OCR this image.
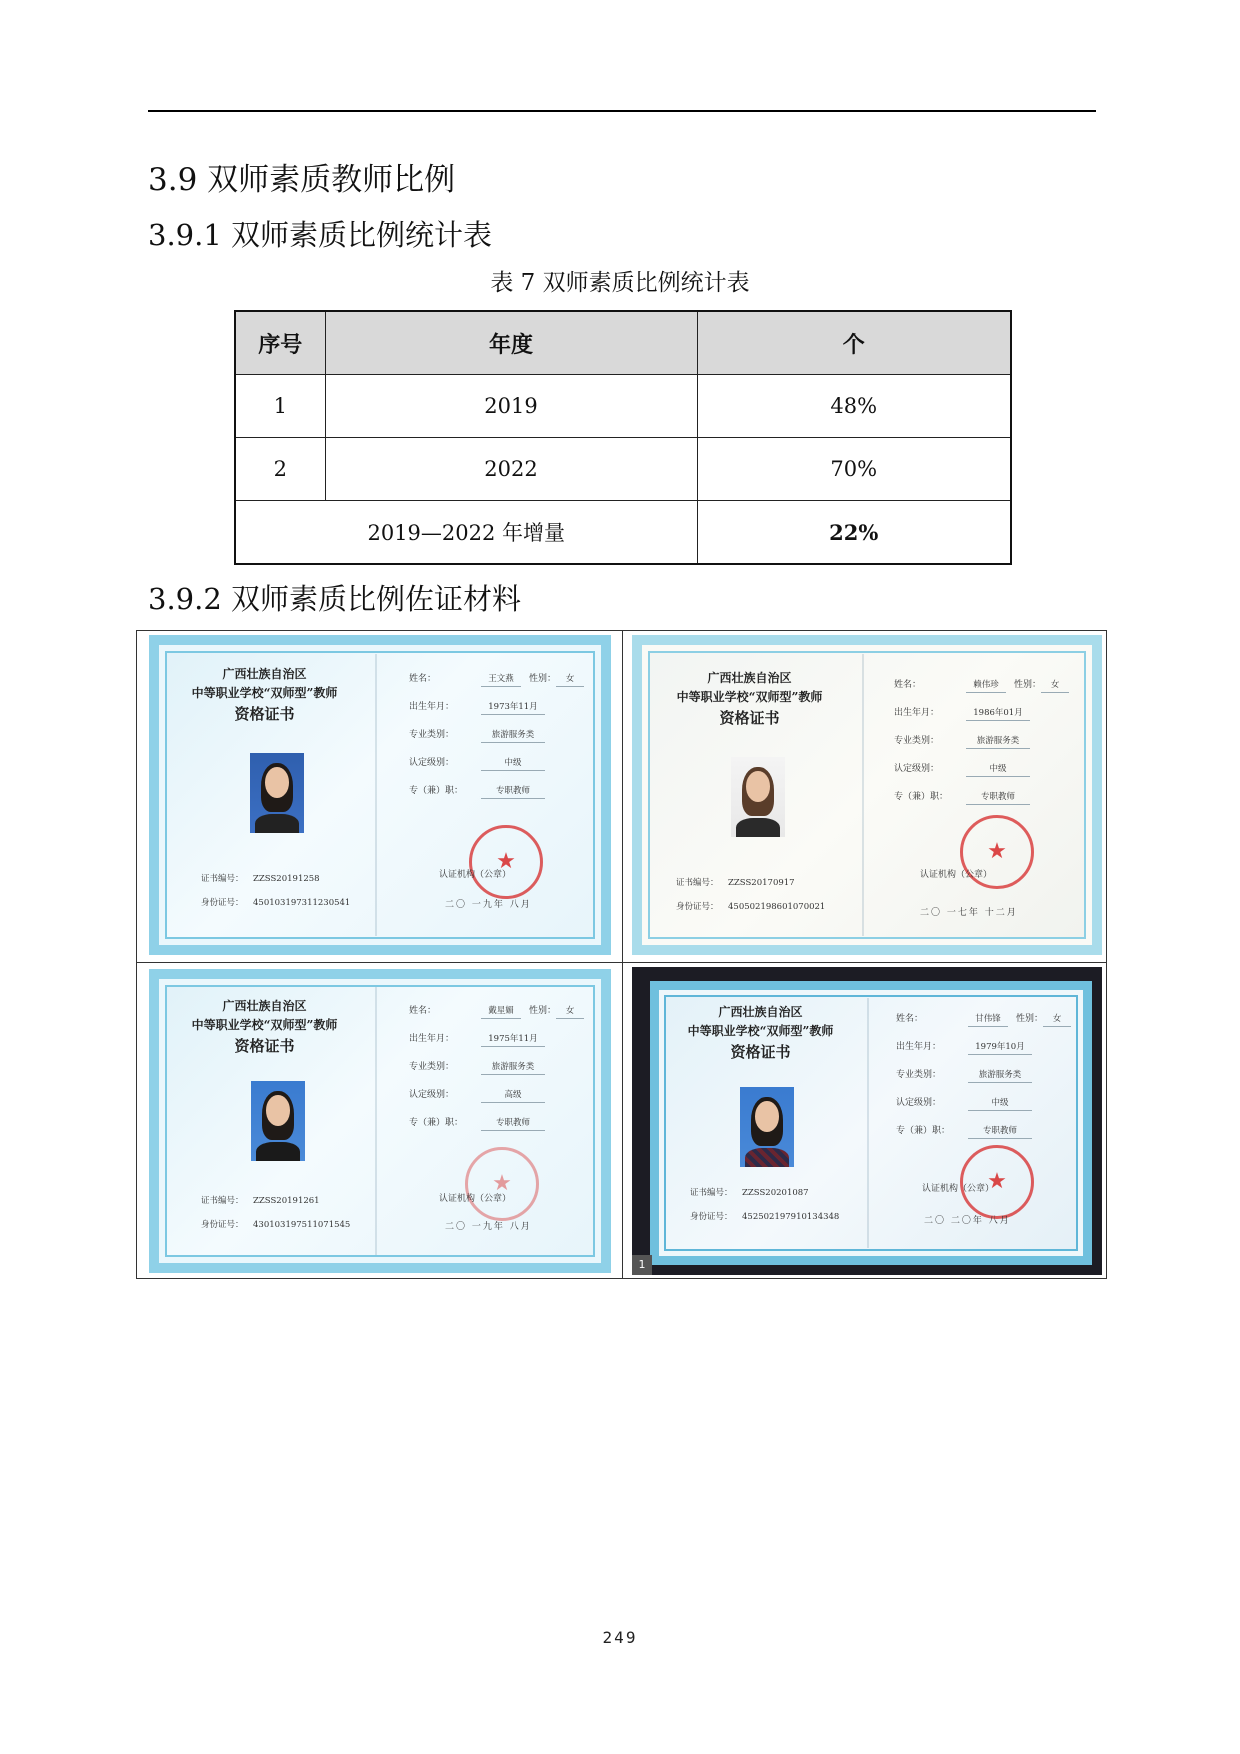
3.9 双师素质教师比例
3.9.1 双师素质比例统计表
表 7 双师素质比例统计表
序号	年度	个
1	2019	48%
2	2022	70%
2019—2022 年增量		22%
3.9.2 双师素质比例佐证材料
广西壮族自治区
中等职业学校“双师型”教师
资格证书
姓名：	王文燕 性别： 女
出生年月：	1973年11月
专业类别：	旅游服务类
认定级别：	中级
专（兼）职：	专职教师
证书编号： ZZSS20191258
身份证号： 450103197311230541
★
认证机构（公章）
二〇 一九年 八月
广西壮族自治区
中等职业学校“双师型”教师
资格证书
姓名：	赖伟珍 性别： 女
出生年月：	1986年01月
专业类别：	旅游服务类
认定级别：	中级
专（兼）职：	专职教师
证书编号： ZZSS20170917
身份证号： 450502198601070021
★
认证机构（公章）
二〇 一七年 十二月
广西壮族自治区
中等职业学校“双师型”教师
资格证书
姓名：	戴星媚 性别： 女
出生年月：	1975年11月
专业类别：	旅游服务类
认定级别：	高级
专（兼）职：	专职教师
证书编号： ZZSS20191261
身份证号： 430103197511071545
★
认证机构（公章）
二〇 一九年 八月
广西壮族自治区
中等职业学校“双师型”教师
资格证书
姓名：	甘伟锋 性别： 女
出生年月：	1979年10月
专业类别：	旅游服务类
认定级别：	中级
专（兼）职：	专职教师
证书编号： ZZSS20201087
身份证号： 452502197910134348
★
认证机构（公章）
二〇 二〇年 八月
1
249
